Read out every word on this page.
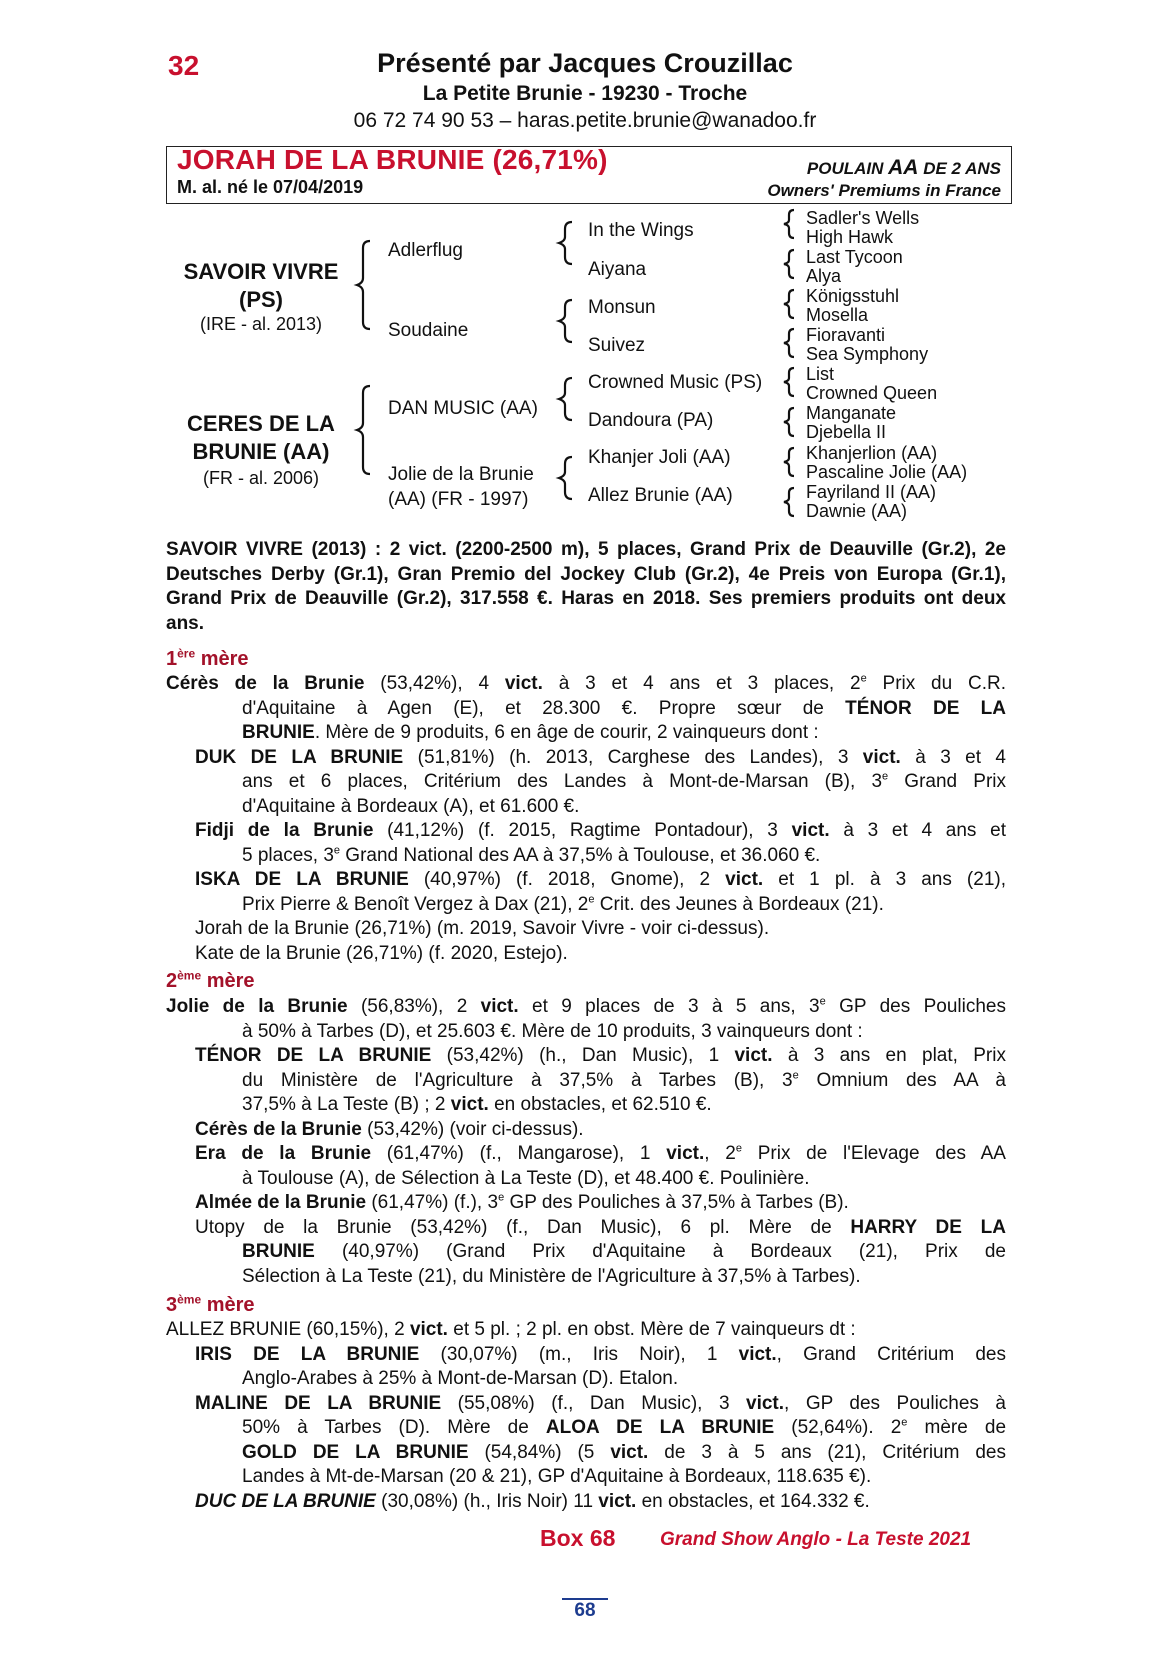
32	Présenté par Jacques Crouzillac
La Petite Brunie - 19230 - Troche
06 72 74 90 53 – haras.petite.brunie@wanadoo.fr
JORAH DE LA BRUNIE (26,71%)
M. al. né le 07/04/2019
POULAIN AA DE 2 ANS
Owners' Premiums in France
SAVOIR VIVRE
(PS)
(IRE - al. 2013)
CERES DE LA
BRUNIE (AA)
(FR - al. 2006)
Adlerflug
Soudaine
DAN MUSIC (AA)
Jolie de la Brunie
(AA) (FR - 1997)
In the Wings
Aiyana
Monsun
Suivez
Crowned Music (PS)
Dandoura (PA)
Khanjer Joli (AA)
Allez Brunie (AA)
Sadler's Wells
High Hawk
Last Tycoon
Alya
Königsstuhl
Mosella
Fioravanti
Sea Symphony
List
Crowned Queen
Manganate
Djebella II
Khanjerlion (AA)
Pascaline Jolie (AA)
Fayriland II (AA)
Dawnie (AA)
SAVOIR VIVRE (2013) : 2 vict. (2200-2500 m), 5 places, Grand Prix de Deauville (Gr.2), 2e Deutsches Derby (Gr.1), Gran Premio del Jockey Club (Gr.2), 4e Preis von Europa (Gr.1), Grand Prix de Deauville (Gr.2), 317.558 €. Haras en 2018. Ses premiers produits ont deux ans.
1ère mère
Cérès de la Brunie (53,42%), 4 vict. à 3 et 4 ans et 3 places, 2e Prix du C.R.
d'Aquitaine à Agen (E), et 28.300 €. Propre sœur de TÉNOR DE LA
BRUNIE. Mère de 9 produits, 6 en âge de courir, 2 vainqueurs dont :
DUK DE LA BRUNIE (51,81%) (h. 2013, Carghese des Landes), 3 vict. à 3 et 4
ans et 6 places, Critérium des Landes à Mont-de-Marsan (B), 3e Grand Prix
d'Aquitaine à Bordeaux (A), et 61.600 €.
Fidji de la Brunie (41,12%) (f. 2015, Ragtime Pontadour), 3 vict. à 3 et 4 ans et
5 places, 3e Grand National des AA à 37,5% à Toulouse, et 36.060 €.
ISKA DE LA BRUNIE (40,97%) (f. 2018, Gnome), 2 vict. et 1 pl. à 3 ans (21),
Prix Pierre & Benoît Vergez à Dax (21), 2e Crit. des Jeunes à Bordeaux (21).
Jorah de la Brunie (26,71%) (m. 2019, Savoir Vivre - voir ci-dessus).
Kate de la Brunie (26,71%) (f. 2020, Estejo).
2ème mère
Jolie de la Brunie (56,83%), 2 vict. et 9 places de 3 à 5 ans, 3e GP des Pouliches
à 50% à Tarbes (D), et 25.603 €. Mère de 10 produits, 3 vainqueurs dont :
TÉNOR DE LA BRUNIE (53,42%) (h., Dan Music), 1 vict. à 3 ans en plat, Prix
du Ministère de l'Agriculture à 37,5% à Tarbes (B), 3e Omnium des AA à
37,5% à La Teste (B) ; 2 vict. en obstacles, et 62.510 €.
Cérès de la Brunie (53,42%) (voir ci-dessus).
Era de la Brunie (61,47%) (f., Mangarose), 1 vict., 2e Prix de l'Elevage des AA
à Toulouse (A), de Sélection à La Teste (D), et 48.400 €. Poulinière.
Almée de la Brunie (61,47%) (f.), 3e GP des Pouliches à 37,5% à Tarbes (B).
Utopy de la Brunie (53,42%) (f., Dan Music), 6 pl. Mère de HARRY DE LA
BRUNIE (40,97%) (Grand Prix d'Aquitaine à Bordeaux (21), Prix de
Sélection à La Teste (21), du Ministère de l'Agriculture à 37,5% à Tarbes).
3ème mère
ALLEZ BRUNIE (60,15%), 2 vict. et 5 pl. ; 2 pl. en obst. Mère de 7 vainqueurs dt :
IRIS DE LA BRUNIE (30,07%) (m., Iris Noir), 1 vict., Grand Critérium des
Anglo-Arabes à 25% à Mont-de-Marsan (D). Etalon.
MALINE DE LA BRUNIE (55,08%) (f., Dan Music), 3 vict., GP des Pouliches à
50% à Tarbes (D). Mère de ALOA DE LA BRUNIE (52,64%). 2e mère de
GOLD DE LA BRUNIE (54,84%) (5 vict. de 3 à 5 ans (21), Critérium des
Landes à Mt-de-Marsan (20 & 21), GP d'Aquitaine à Bordeaux, 118.635 €).
DUC DE LA BRUNIE (30,08%) (h., Iris Noir) 11 vict. en obstacles, et 164.332 €.
Box 68 Grand Show Anglo - La Teste 2021
68
